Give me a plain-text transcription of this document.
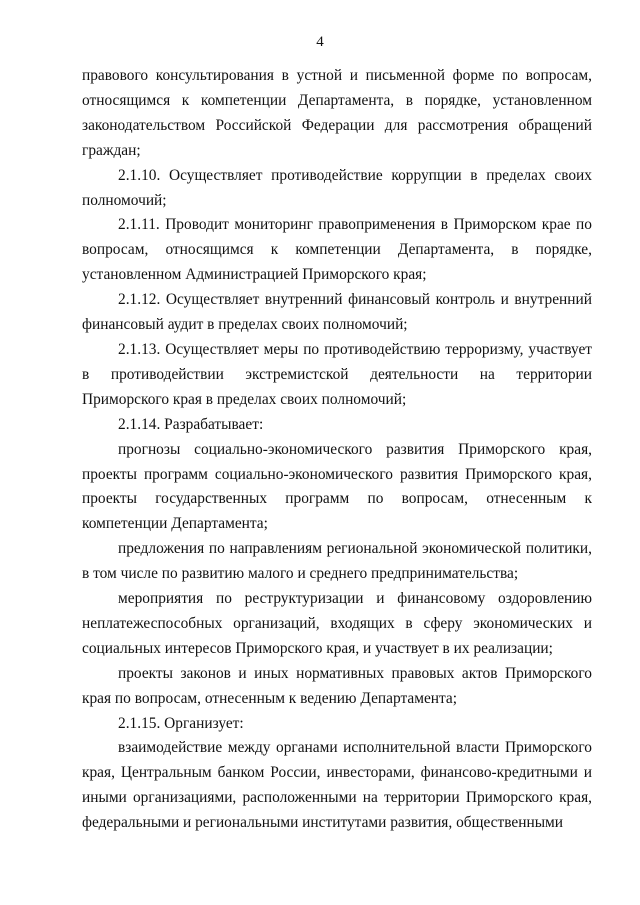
4

правового консультирования в устной и письменной форме по вопросам, относящимся к компетенции Департамента, в порядке, установленном законодательством Российской Федерации для рассмотрения обращений граждан;

2.1.10. Осуществляет противодействие коррупции в пределах своих полномочий;

2.1.11. Проводит мониторинг правоприменения в Приморском крае по вопросам, относящимся к компетенции Департамента, в порядке, установленном Администрацией Приморского края;

2.1.12. Осуществляет внутренний финансовый контроль и внутренний финансовый аудит в пределах своих полномочий;

2.1.13. Осуществляет меры по противодействию терроризму, участвует в противодействии экстремистской деятельности на территории Приморского края в пределах своих полномочий;

2.1.14. Разрабатывает:

прогнозы социально-экономического развития Приморского края, проекты программ социально-экономического развития Приморского края, проекты государственных программ по вопросам, отнесенным к компетенции Департамента;

предложения по направлениям региональной экономической политики, в том числе по развитию малого и среднего предпринимательства;

мероприятия по реструктуризации и финансовому оздоровлению неплатежеспособных организаций, входящих в сферу экономических и социальных интересов Приморского края, и участвует в их реализации;

проекты законов и иных нормативных правовых актов Приморского края по вопросам, отнесенным к ведению Департамента;

2.1.15. Организует:

взаимодействие между органами исполнительной власти Приморского края, Центральным банком России, инвесторами, финансово-кредитными и иными организациями, расположенными на территории Приморского края, федеральными и региональными институтами развития, общественными
